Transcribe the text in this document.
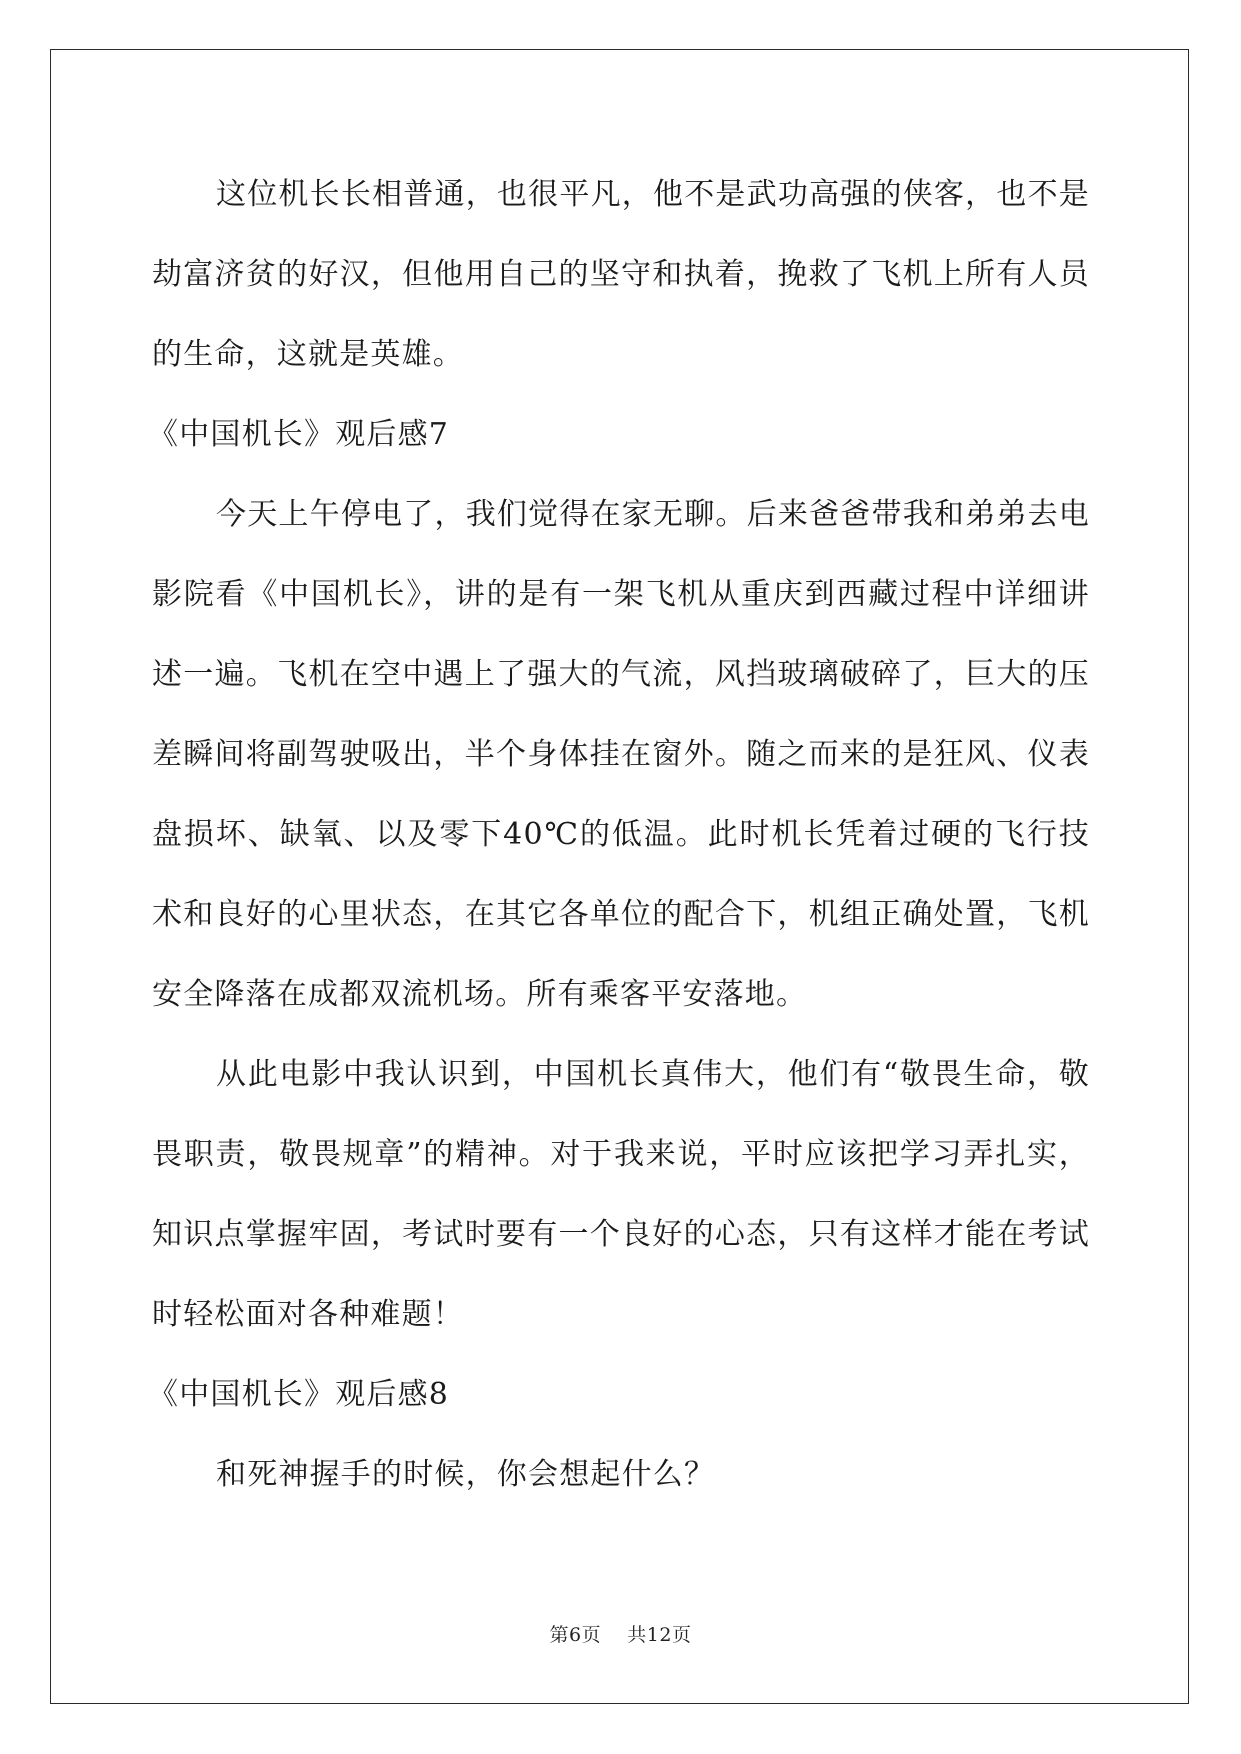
这位机长长相普通，也很平凡，他不是武功高强的侠客，也不是劫富济贫的好汉，但他用自己的坚守和执着，挽救了飞机上所有人员的生命，这就是英雄。

《中国机长》观后感7

今天上午停电了，我们觉得在家无聊。后来爸爸带我和弟弟去电影院看《中国机长》，讲的是有一架飞机从重庆到西藏过程中详细讲述一遍。飞机在空中遇上了强大的气流，风挡玻璃破碎了，巨大的压差瞬间将副驾驶吸出，半个身体挂在窗外。随之而来的是狂风、仪表盘损坏、缺氧、以及零下40℃的低温。此时机长凭着过硬的飞行技术和良好的心里状态，在其它各单位的配合下，机组正确处置，飞机安全降落在成都双流机场。所有乘客平安落地。

从此电影中我认识到，中国机长真伟大，他们有“敬畏生命，敬畏职责，敬畏规章”的精神。对于我来说，平时应该把学习弄扎实，知识点掌握牢固，考试时要有一个良好的心态，只有这样才能在考试时轻松面对各种难题！

《中国机长》观后感8

和死神握手的时候，你会想起什么？

第6页 共12页
